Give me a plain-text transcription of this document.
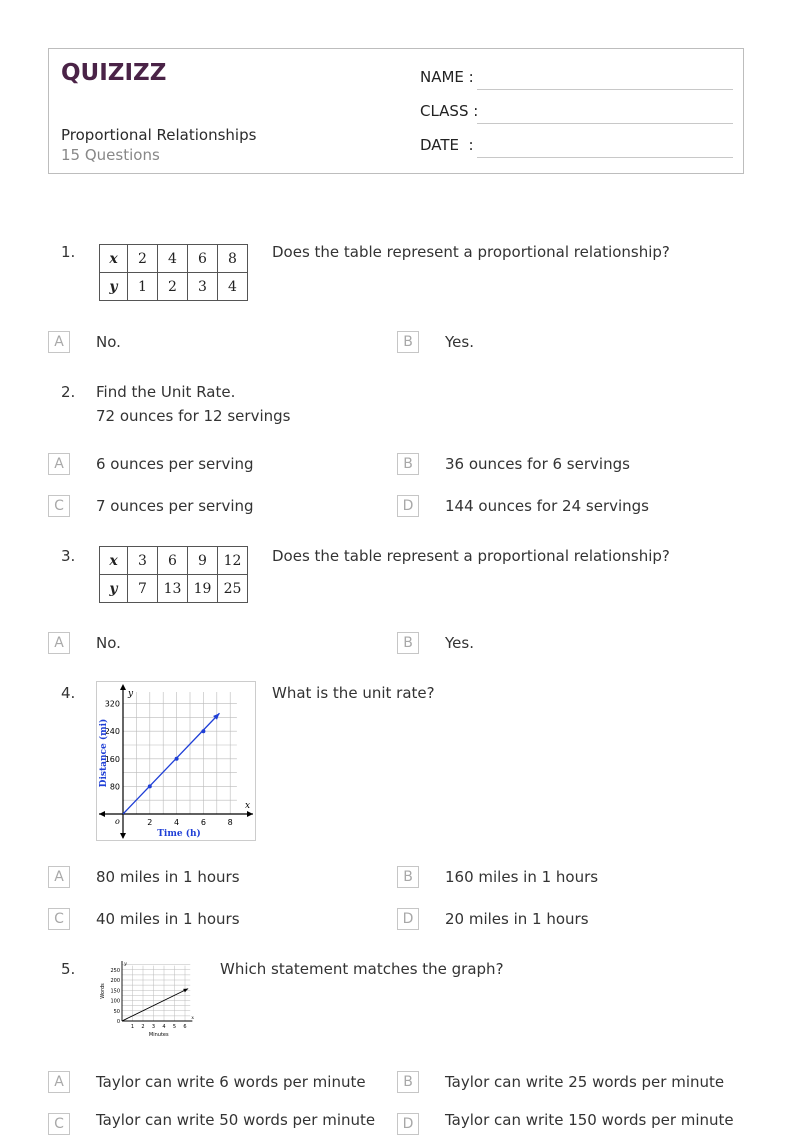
QUIZIZZ
Proportional Relationships
15 Questions
NAME :
CLASS :
DATE  :
1. x	2	4	6	8
y	1	2	3	4
Does the table represent a proportional relationship?
A	No.	B	Yes.
2. Find the Unit Rate.
72 ounces for 12 servings
A	6 ounces per serving	B	36 ounces for 6 servings
C	7 ounces per serving	D	144 ounces for 24 servings
3. x	3	6	9	12
y	7	13	19	25
Does the table represent a proportional relationship?
A	No.	B	Yes.
4.
2	4	6	8
80
160
240
320
o
x
y
Time (h)
Distance (mi)
What is the unit rate?
A	80 miles in 1 hours	B	160 miles in 1 hours
C	40 miles in 1 hours	D	20 miles in 1 hours
5.
1 2 3 4 5 6
50
100
150
200
250
0
x
y
Minutes
Words
Which statement matches the graph?
A	Taylor can write 6 words per minute	B	Taylor can write 25 words per minute
C	Taylor can write 50 words per minute	D	Taylor can write 150 words per minute
